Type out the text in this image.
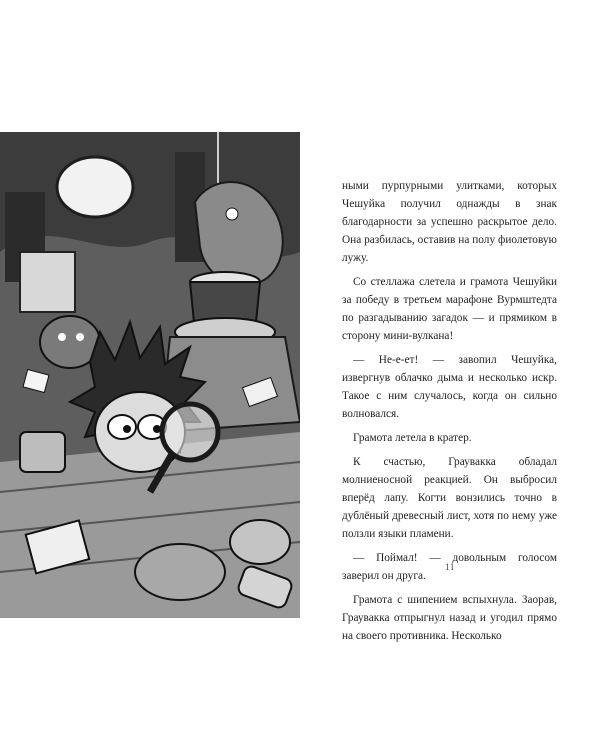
ными пурпурными улитками, которых Чешуйка получил однажды в знак благодарности за успешно раскрытое дело. Она разбилась, оставив на полу фиолетовую лужу.

Со стеллажа слетела и грамота Чешуйки за победу в третьем марафоне Вурмштедта по разгадыванию загадок — и прямиком в сторону мини-вулкана!

— Не-е-ет! — завопил Чешуйка, извергнув облачко дыма и несколько искр. Такое с ним случалось, когда он сильно волновался.

Грамота летела в кратер.

К счастью, Граувакка обладал молниеносной реакцией. Он выбросил вперёд лапу. Когти вонзились точно в дублёный древесный лист, хотя по нему уже ползли языки пламени.

— Поймал! — довольным голосом заверил он друга.

Грамота с шипением вспыхнула. Заорав, Граувакка отпрыгнул назад и угодил прямо на своего противника. Несколько

11
